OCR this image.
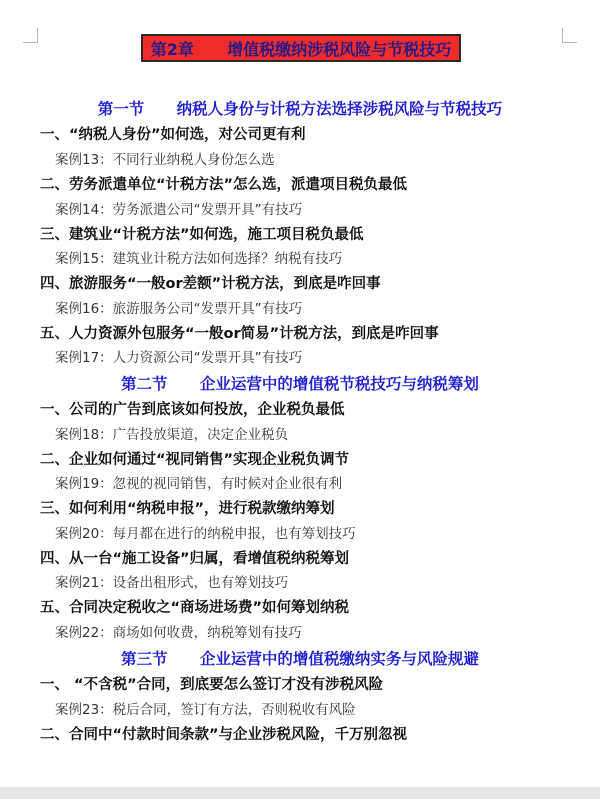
第2章      增值税缴纳涉税风险与节税技巧
第一节      纳税人身份与计税方法选择涉税风险与节税技巧
一、“纳税人身份”如何选，对公司更有利
案例13：不同行业纳税人身份怎么选
二、劳务派遣单位“计税方法”怎么选，派遣项目税负最低
案例14：劳务派遣公司“发票开具”有技巧
三、建筑业“计税方法”如何选，施工项目税负最低
案例15：建筑业计税方法如何选择？纳税有技巧
四、旅游服务“一般or差额”计税方法，到底是咋回事
案例16：旅游服务公司“发票开具”有技巧
五、人力资源外包服务“一般or简易”计税方法，到底是咋回事
案例17：人力资源公司“发票开具”有技巧
第二节      企业运营中的增值税节税技巧与纳税筹划
一、公司的广告到底该如何投放，企业税负最低
案例18：广告投放渠道，决定企业税负
二、企业如何通过“视同销售”实现企业税负调节
案例19：忽视的视同销售，有时候对企业很有利
三、如何利用“纳税申报”，进行税款缴纳筹划
案例20：每月都在进行的纳税申报，也有筹划技巧
四、从一台“施工设备”归属，看增值税纳税筹划
案例21：设备出租形式，也有筹划技巧
五、合同决定税收之“商场进场费”如何筹划纳税
案例22：商场如何收费，纳税筹划有技巧
第三节      企业运营中的增值税缴纳实务与风险规避
一、 “不含税”合同，到底要怎么签订才没有涉税风险
案例23：税后合同，签订有方法，否则税收有风险
二、合同中“付款时间条款”与企业涉税风险，千万别忽视
